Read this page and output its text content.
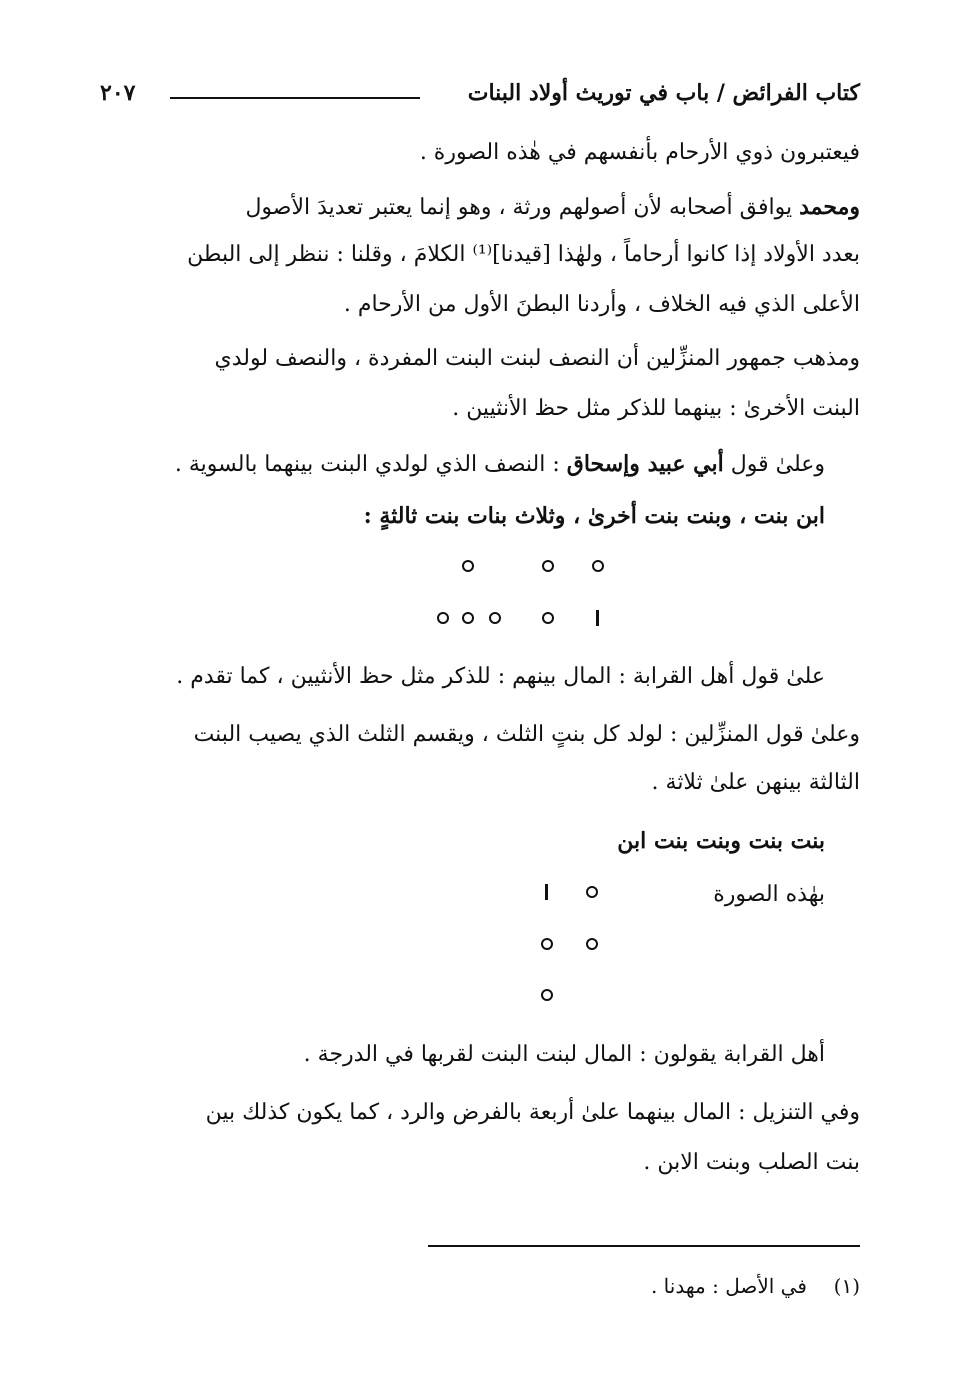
كتاب الفرائض / باب في توريث أولاد البنات
٢٠٧
فيعتبرون ذوي الأرحام بأنفسهم في هٰذه الصورة .
ومحمد يوافق أصحابه لأن أصولهم ورثة ، وهو إنما يعتبر تعديدَ الأصول
بعدد الأولاد إذا كانوا أرحاماً ، ولهٰذا [قيدنا]⁽¹⁾ الكلامَ ، وقلنا : ننظر إلى البطن
الأعلى الذي فيه الخلاف ، وأردنا البطنَ الأول من الأرحام .
ومذهب جمهور المنزِّلين أن النصف لبنت البنت المفردة ، والنصف لولدي
البنت الأخرىٰ : بينهما للذكر مثل حظ الأنثيين .
وعلىٰ قول أبي عبيد وإسحاق : النصف الذي لولدي البنت بينهما بالسوية .
ابن بنت ، وبنت بنت أخرىٰ ، وثلاث بنات بنت ثالثةٍ :
علىٰ قول أهل القرابة : المال بينهم : للذكر مثل حظ الأنثيين ، كما تقدم .
وعلىٰ قول المنزِّلين : لولد كل بنتٍ الثلث ، ويقسم الثلث الذي يصيب البنت
الثالثة بينهن علىٰ ثلاثة .
بنت بنت وبنت بنت ابن
بهٰذه الصورة
أهل القرابة يقولون : المال لبنت البنت لقربها في الدرجة .
وفي التنزيل : المال بينهما علىٰ أربعة بالفرض والرد ، كما يكون كذلك بين
بنت الصلب وبنت الابن .
(١)  في الأصل : مهدنا .
